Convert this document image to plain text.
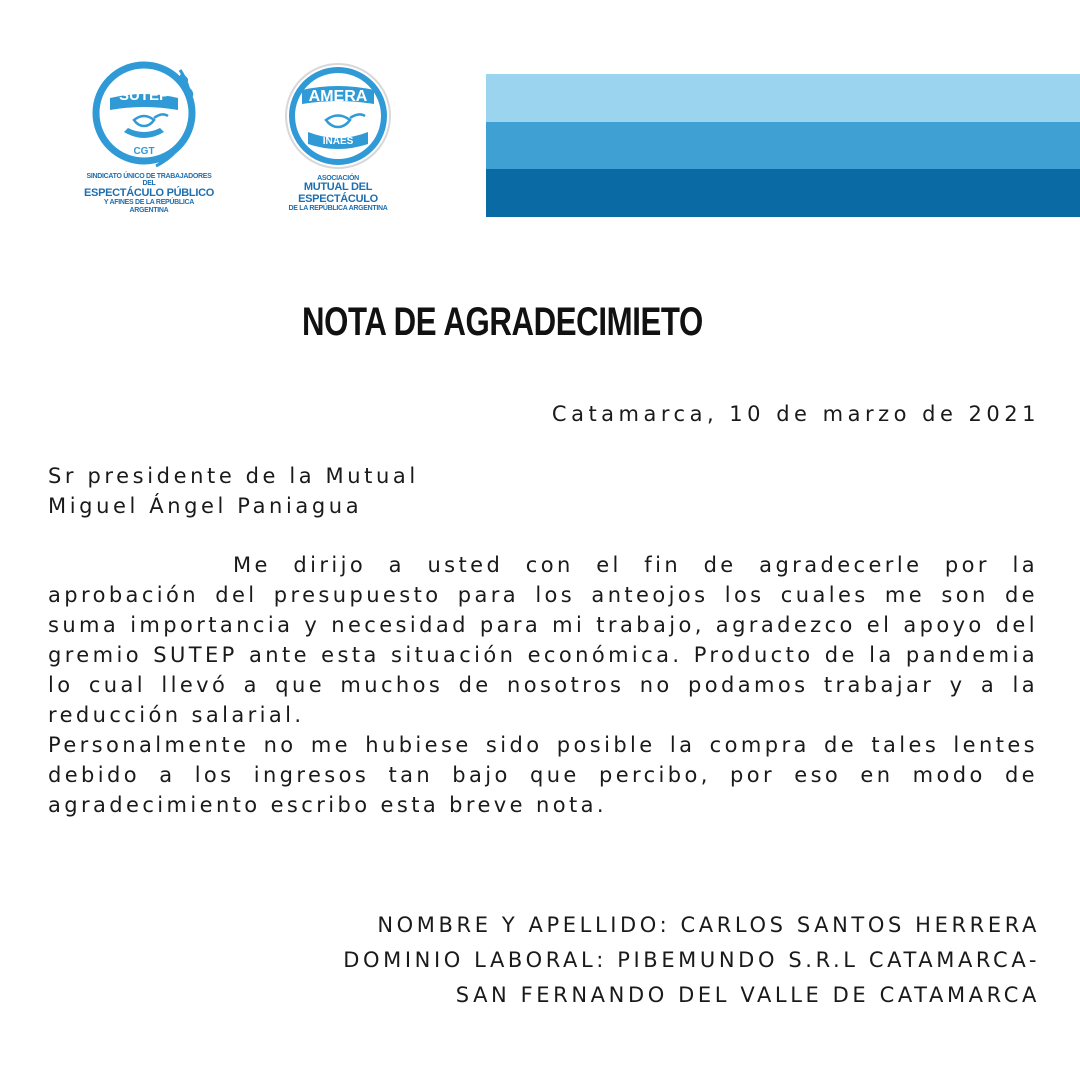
SUTEP
CGT
SINDICATO ÚNICO DE TRABAJADORES DEL
ESPECTÁCULO PÚBLICO
Y AFINES DE LA REPÚBLICA ARGENTINA
AMERA
INAES
ASOCIACIÓN
MUTUAL DEL ESPECTÁCULO
DE LA REPÚBLICA ARGENTINA
NOTA DE AGRADECIMIETO
Catamarca, 10 de marzo de 2021
Sr presidente de la Mutual
Miguel Ángel Paniagua

Me dirijo a usted con el fin de agradecerle por la aprobación del presupuesto para los anteojos los cuales me son de suma importancia y necesidad para mi trabajo, agradezco el apoyo del gremio SUTEP ante esta situación económica. Producto de la pandemia lo cual llevó a que muchos de nosotros no podamos trabajar y a la reducción salarial.

Personalmente no me hubiese sido posible la compra de tales lentes debido a los ingresos tan bajo que percibo, por eso en modo de agradecimiento escribo esta breve nota.

NOMBRE Y APELLIDO: CARLOS SANTOS HERRERA
DOMINIO LABORAL: PIBEMUNDO S.R.L CATAMARCA-
SAN FERNANDO DEL VALLE DE CATAMARCA
